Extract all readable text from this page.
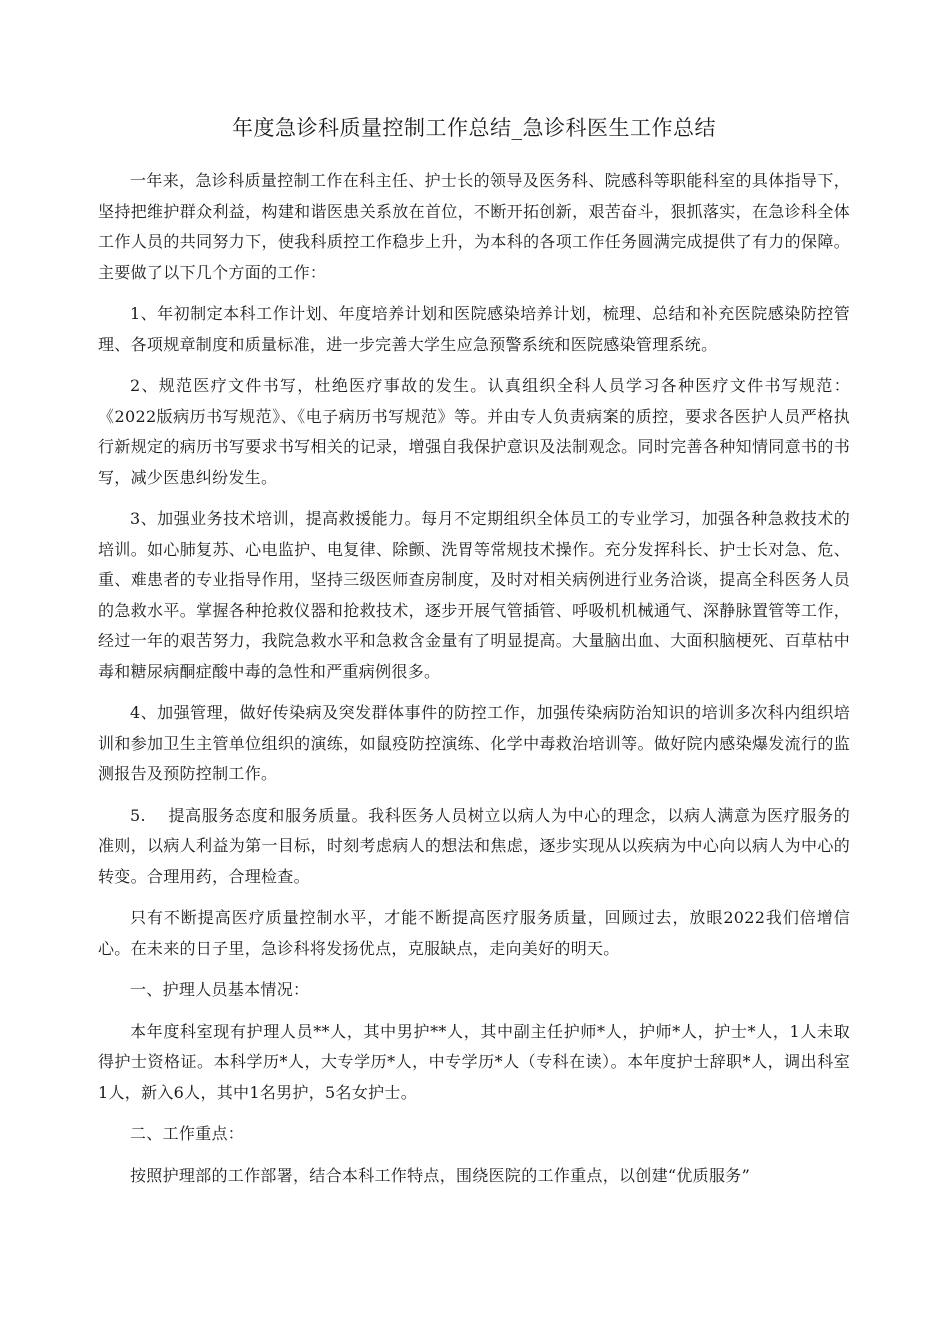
年度急诊科质量控制工作总结_急诊科医生工作总结

一年来，急诊科质量控制工作在科主任、护士长的领导及医务科、院感科等职能科室的具体指导下，坚持把维护群众利益，构建和谐医患关系放在首位，不断开拓创新，艰苦奋斗，狠抓落实，在急诊科全体工作人员的共同努力下，使我科质控工作稳步上升，为本科的各项工作任务圆满完成提供了有力的保障。主要做了以下几个方面的工作：

1、年初制定本科工作计划、年度培养计划和医院感染培养计划，梳理、总结和补充医院感染防控管理、各项规章制度和质量标准，进一步完善大学生应急预警系统和医院感染管理系统。

2、规范医疗文件书写，杜绝医疗事故的发生。认真组织全科人员学习各种医疗文件书写规范：《2022版病历书写规范》、《电子病历书写规范》等。并由专人负责病案的质控，要求各医护人员严格执行新规定的病历书写要求书写相关的记录，增强自我保护意识及法制观念。同时完善各种知情同意书的书写，减少医患纠纷发生。

3、加强业务技术培训，提高救援能力。每月不定期组织全体员工的专业学习，加强各种急救技术的培训。如心肺复苏、心电监护、电复律、除颤、洗胃等常规技术操作。充分发挥科长、护士长对急、危、重、难患者的专业指导作用，坚持三级医师查房制度，及时对相关病例进行业务洽谈，提高全科医务人员的急救水平。掌握各种抢救仪器和抢救技术，逐步开展气管插管、呼吸机机械通气、深静脉置管等工作，经过一年的艰苦努力，我院急救水平和急救含金量有了明显提高。大量脑出血、大面积脑梗死、百草枯中毒和糖尿病酮症酸中毒的急性和严重病例很多。

4、加强管理，做好传染病及突发群体事件的防控工作，加强传染病防治知识的培训多次科内组织培训和参加卫生主管单位组织的演练，如鼠疫防控演练、化学中毒救治培训等。做好院内感染爆发流行的监测报告及预防控制工作。

5.　 提高服务态度和服务质量。我科医务人员树立以病人为中心的理念，以病人满意为医疗服务的准则，以病人利益为第一目标，时刻考虑病人的想法和焦虑，逐步实现从以疾病为中心向以病人为中心的转变。合理用药，合理检查。

只有不断提高医疗质量控制水平，才能不断提高医疗服务质量，回顾过去，放眼2022我们倍增信心。在未来的日子里，急诊科将发扬优点，克服缺点，走向美好的明天。

一、护理人员基本情况：

本年度科室现有护理人员**人，其中男护**人，其中副主任护师*人，护师*人，护士*人，1人未取得护士资格证。本科学历*人，大专学历*人，中专学历*人（专科在读）。本年度护士辞职*人，调出科室1人，新入6人，其中1名男护，5名女护士。

二、工作重点：

按照护理部的工作部署，结合本科工作特点，围绕医院的工作重点，以创建“优质服务”
